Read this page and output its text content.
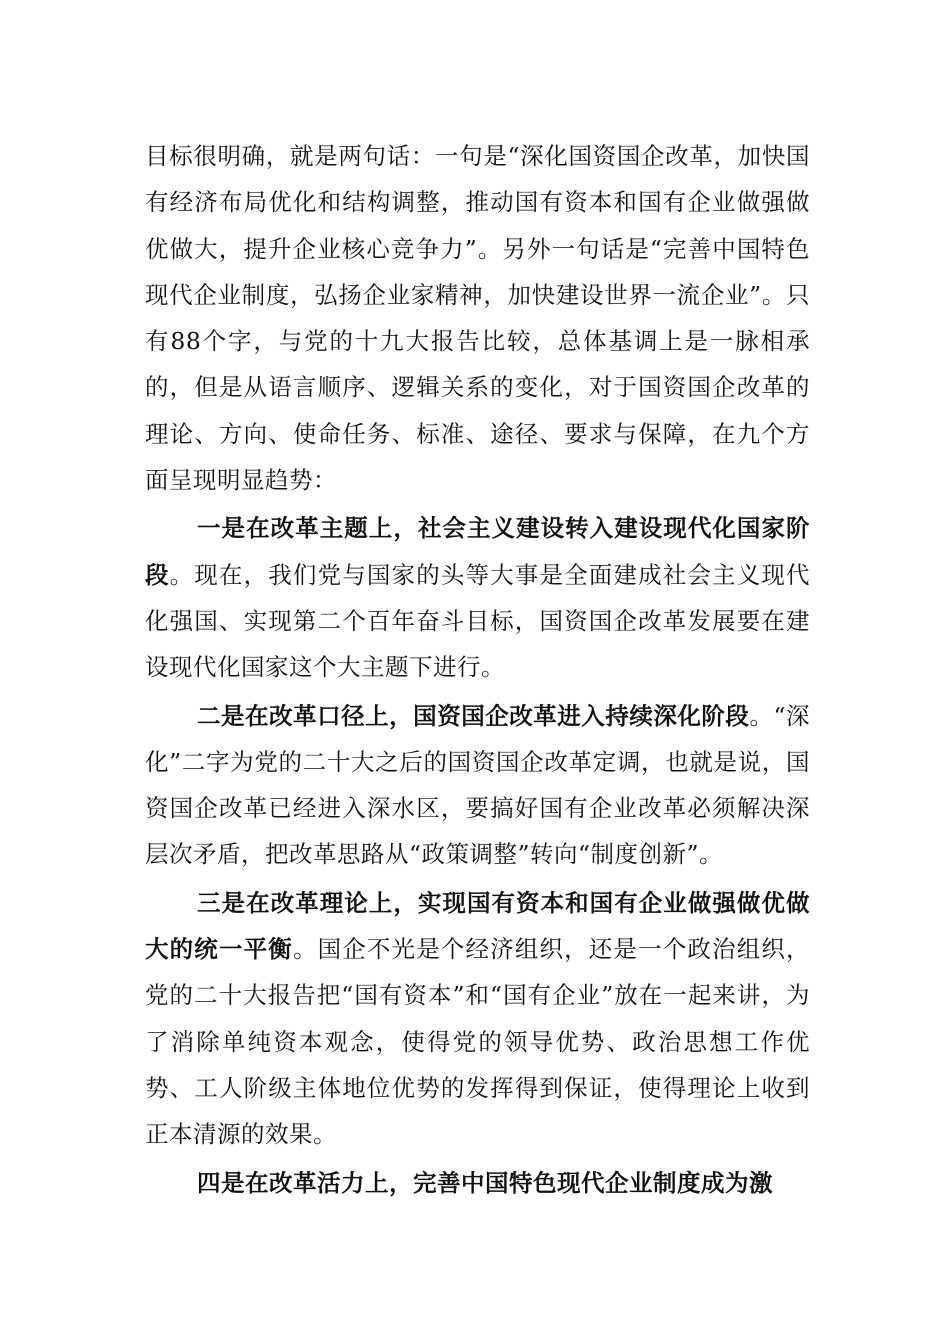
目标很明确，就是两句话：一句是“深化国资国企改革，加快国有经济布局优化和结构调整，推动国有资本和国有企业做强做优做大，提升企业核心竞争力”。另外一句话是“完善中国特色现代企业制度，弘扬企业家精神，加快建设世界一流企业”。只有88个字，与党的十九大报告比较，总体基调上是一脉相承的，但是从语言顺序、逻辑关系的变化，对于国资国企改革的理论、方向、使命任务、标准、途径、要求与保障，在九个方面呈现明显趋势：

一是在改革主题上，社会主义建设转入建设现代化国家阶段。现在，我们党与国家的头等大事是全面建成社会主义现代化强国、实现第二个百年奋斗目标，国资国企改革发展要在建设现代化国家这个大主题下进行。

二是在改革口径上，国资国企改革进入持续深化阶段。“深化”二字为党的二十大之后的国资国企改革定调，也就是说，国资国企改革已经进入深水区，要搞好国有企业改革必须解决深层次矛盾，把改革思路从“政策调整”转向“制度创新”。

三是在改革理论上，实现国有资本和国有企业做强做优做大的统一平衡。国企不光是个经济组织，还是一个政治组织，党的二十大报告把“国有资本”和“国有企业”放在一起来讲，为了消除单纯资本观念，使得党的领导优势、政治思想工作优势、工人阶级主体地位优势的发挥得到保证，使得理论上收到正本清源的效果。

四是在改革活力上，完善中国特色现代企业制度成为激
